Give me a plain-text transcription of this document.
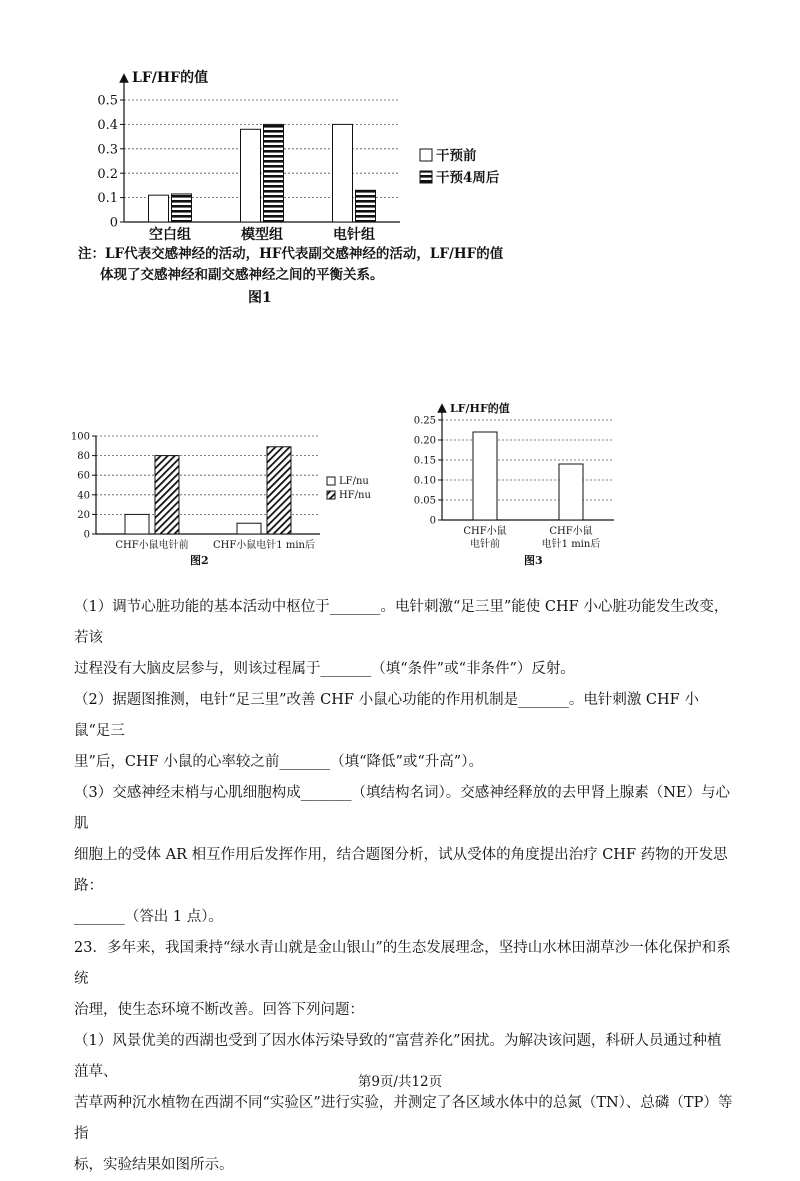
0
0.1
0.2
0.3
0.4
0.5
LF/HF的值
空白组	模型组	电针组
干预前
干预4周后
0
20
40
60
80
100
CHF小鼠电针前 CHF小鼠电针1 min后
LF/nu
HF/nu
0
0.05
0.10
0.15
0.20
0.25
LF/HF的值
CHF小鼠
电针前
CHF小鼠
电针1 min后
注：LF代表交感神经的活动，HF代表副交感神经的活动，LF/HF的值
体现了交感神经和副交感神经之间的平衡关系。
图1
图2	图3

（1）调节心脏功能的基本活动中枢位于_______。电针刺激“足三里”能使 CHF 小心脏功能发生改变，若该

过程没有大脑皮层参与，则该过程属于_______（填“条件”或“非条件”）反射。

（2）据题图推测，电针“足三里”改善 CHF 小鼠心功能的作用机制是_______。电针刺激 CHF 小鼠“足三

里”后，CHF 小鼠的心率较之前_______（填“降低”或“升高”）。

（3）交感神经末梢与心肌细胞构成_______（填结构名词）。交感神经释放的去甲肾上腺素（NE）与心肌

细胞上的受体 AR 相互作用后发挥作用，结合题图分析，试从受体的角度提出治疗 CHF 药物的开发思路：

_______（答出 1 点）。

23．多年来，我国秉持“绿水青山就是金山银山”的生态发展理念，坚持山水林田湖草沙一体化保护和系统

治理，使生态环境不断改善。回答下列问题：

（1）风景优美的西湖也受到了因水体污染导致的“富营养化”困扰。为解决该问题，科研人员通过种植菹草、

苦草两种沉水植物在西湖不同“实验区”进行实验，并测定了各区域水体中的总氮（TN）、总磷（TP）等指

标，实验结果如图所示。

第9页/共12页
